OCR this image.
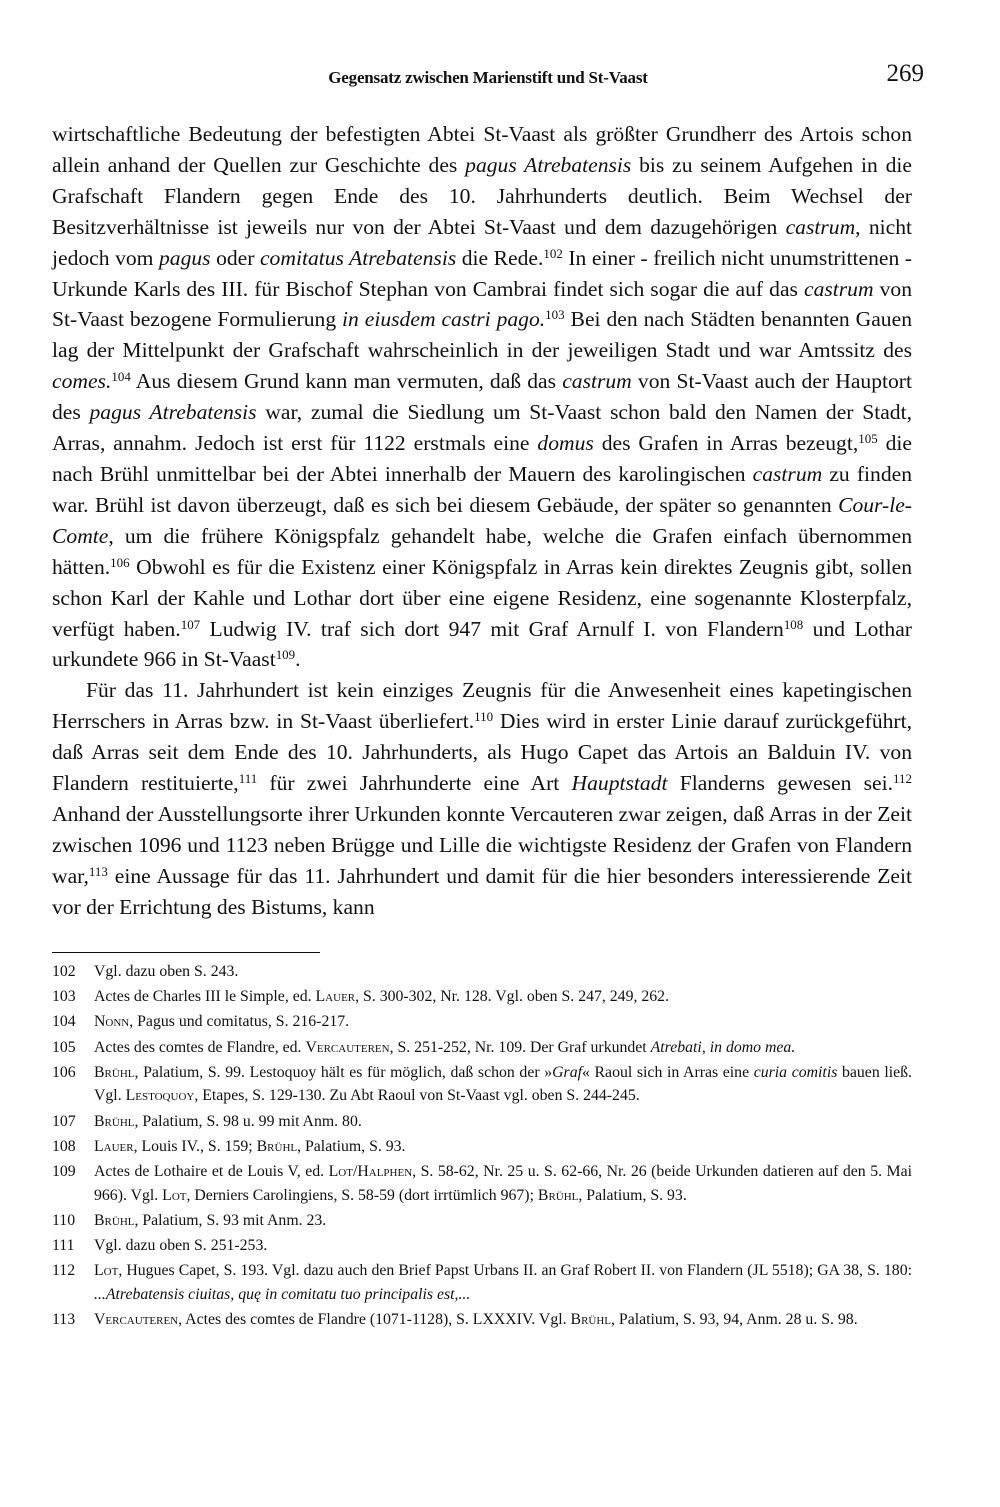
Gegensatz zwischen Marienstift und St-Vaast	269

wirtschaftliche Bedeutung der befestigten Abtei St-Vaast als größter Grundherr des Artois schon allein anhand der Quellen zur Geschichte des pagus Atrebatensis bis zu seinem Aufgehen in die Grafschaft Flandern gegen Ende des 10. Jahrhunderts deutlich. Beim Wechsel der Besitzverhältnisse ist jeweils nur von der Abtei St-Vaast und dem dazugehörigen castrum, nicht jedoch vom pagus oder comitatus Atrebatensis die Rede.$^{102}$ In einer - freilich nicht unumstrittenen - Urkunde Karls des III. für Bischof Stephan von Cambrai findet sich sogar die auf das castrum von St-Vaast bezogene Formulierung in eiusdem castri pago.$^{103}$ Bei den nach Städten benannten Gauen lag der Mittelpunkt der Grafschaft wahrscheinlich in der jeweiligen Stadt und war Amtssitz des comes.$^{104}$ Aus diesem Grund kann man vermuten, daß das castrum von St-Vaast auch der Hauptort des pagus Atrebatensis war, zumal die Siedlung um St-Vaast schon bald den Namen der Stadt, Arras, annahm. Jedoch ist erst für 1122 erstmals eine domus des Grafen in Arras bezeugt,$^{105}$ die nach Brühl unmittelbar bei der Abtei innerhalb der Mauern des karolingischen castrum zu finden war. Brühl ist davon überzeugt, daß es sich bei diesem Gebäude, der später so genannten Cour-le-Comte, um die frühere Königspfalz gehandelt habe, welche die Grafen einfach übernommen hätten.$^{106}$ Obwohl es für die Existenz einer Königspfalz in Arras kein direktes Zeugnis gibt, sollen schon Karl der Kahle und Lothar dort über eine eigene Residenz, eine sogenannte Klosterpfalz, verfügt haben.$^{107}$ Ludwig IV. traf sich dort 947 mit Graf Arnulf I. von Flandern$^{108}$ und Lothar urkundete 966 in St-Vaast$^{109}$.

Für das 11. Jahrhundert ist kein einziges Zeugnis für die Anwesenheit eines kapetingischen Herrschers in Arras bzw. in St-Vaast überliefert.$^{110}$ Dies wird in erster Linie darauf zurückgeführt, daß Arras seit dem Ende des 10. Jahrhunderts, als Hugo Capet das Artois an Balduin IV. von Flandern restituierte,$^{111}$ für zwei Jahrhunderte eine Art Hauptstadt Flanderns gewesen sei.$^{112}$ Anhand der Ausstellungsorte ihrer Urkunden konnte Vercauteren zwar zeigen, daß Arras in der Zeit zwischen 1096 und 1123 neben Brügge und Lille die wichtigste Residenz der Grafen von Flandern war,$^{113}$ eine Aussage für das 11. Jahrhundert und damit für die hier besonders interessierende Zeit vor der Errichtung des Bistums, kann

102	Vgl. dazu oben S. 243.
103	Actes de Charles III le Simple, ed. Lauer, S. 300-302, Nr. 128. Vgl. oben S. 247, 249, 262.
104	Nonn, Pagus und comitatus, S. 216-217.
105	Actes des comtes de Flandre, ed. Vercauteren, S. 251-252, Nr. 109. Der Graf urkundet Atrebati, in domo mea.
106	Brühl, Palatium, S. 99. Lestoquoy hält es für möglich, daß schon der »Graf« Raoul sich in Arras eine curia comitis bauen ließ. Vgl. Lestoquoy, Etapes, S. 129-130. Zu Abt Raoul von St-Vaast vgl. oben S. 244-245.
107	Brühl, Palatium, S. 98 u. 99 mit Anm. 80.
108	Lauer, Louis IV., S. 159; Brühl, Palatium, S. 93.
109	Actes de Lothaire et de Louis V, ed. Lot/Halphen, S. 58-62, Nr. 25 u. S. 62-66, Nr. 26 (beide Urkunden datieren auf den 5. Mai 966). Vgl. Lot, Derniers Carolingiens, S. 58-59 (dort irrtümlich 967); Brühl, Palatium, S. 93.
110	Brühl, Palatium, S. 93 mit Anm. 23.
111	Vgl. dazu oben S. 251-253.
112	Lot, Hugues Capet, S. 193. Vgl. dazu auch den Brief Papst Urbans II. an Graf Robert II. von Flandern (JL 5518); GA 38, S. 180: ...Atrebatensis ciuitas, quę in comitatu tuo principalis est,...
113	Vercauteren, Actes des comtes de Flandre (1071-1128), S. LXXXIV. Vgl. Brühl, Palatium, S. 93, 94, Anm. 28 u. S. 98.
